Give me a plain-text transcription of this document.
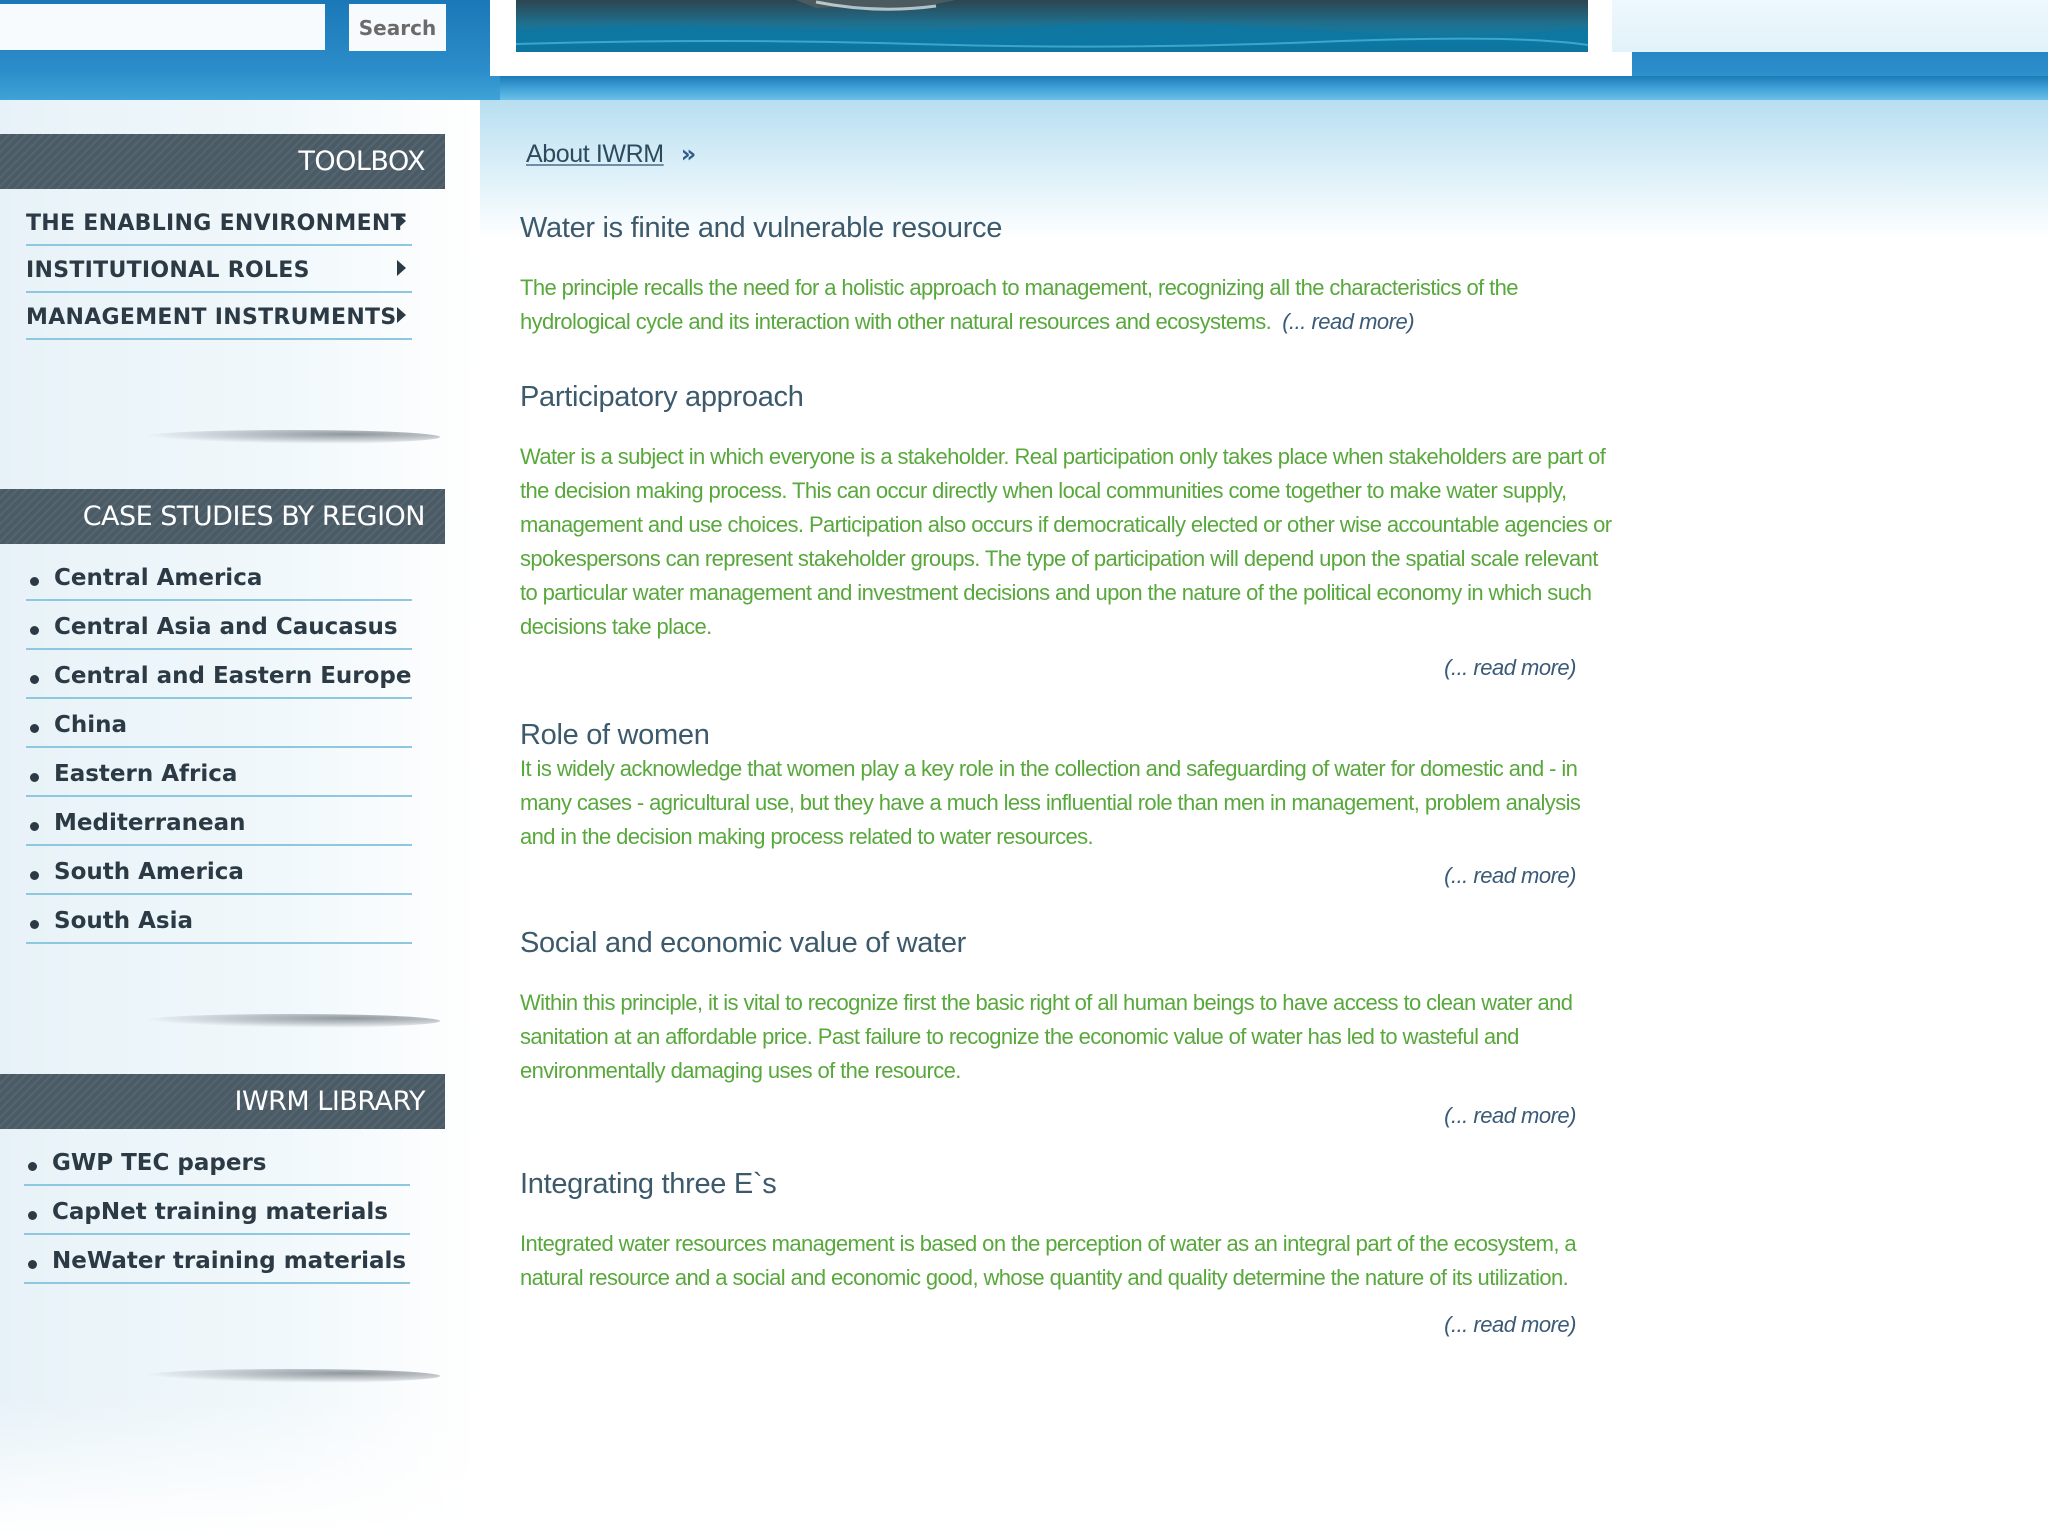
Search
TOOLBOX
THE ENABLING ENVIRONMENT
INSTITUTIONAL ROLES
MANAGEMENT INSTRUMENTS
CASE STUDIES BY REGION
Central America
Central Asia and Caucasus
Central and Eastern Europe
China
Eastern Africa
Mediterranean
South America
South Asia
IWRM LIBRARY
GWP TEC papers
CapNet training materials
NeWater training materials
About IWRM »
Water is finite and vulnerable resource

The principle recalls the need for a holistic approach to management, recognizing all the characteristics of the hydrological cycle and its interaction with other natural resources and ecosystems. (... read more)

Participatory approach

Water is a subject in which everyone is a stakeholder. Real participation only takes place when stakeholders are part of the decision making process. This can occur directly when local communities come together to make water supply, management and use choices. Participation also occurs if democratically elected or other wise accountable agencies or spokespersons can represent stakeholder groups. The type of participation will depend upon the spatial scale relevant to particular water management and investment decisions and upon the nature of the political economy in which such decisions take place.

(... read more)
Role of women

It is widely acknowledge that women play a key role in the collection and safeguarding of water for domestic and - in many cases - agricultural use, but they have a much less influential role than men in management, problem analysis and in the decision making process related to water resources.

(... read more)
Social and economic value of water

Within this principle, it is vital to recognize first the basic right of all human beings to have access to clean water and sanitation at an affordable price. Past failure to recognize the economic value of water has led to wasteful and environmentally damaging uses of the resource.

(... read more)
Integrating three E`s

Integrated water resources management is based on the perception of water as an integral part of the ecosystem, a natural resource and a social and economic good, whose quantity and quality determine the nature of its utilization.

(... read more)
